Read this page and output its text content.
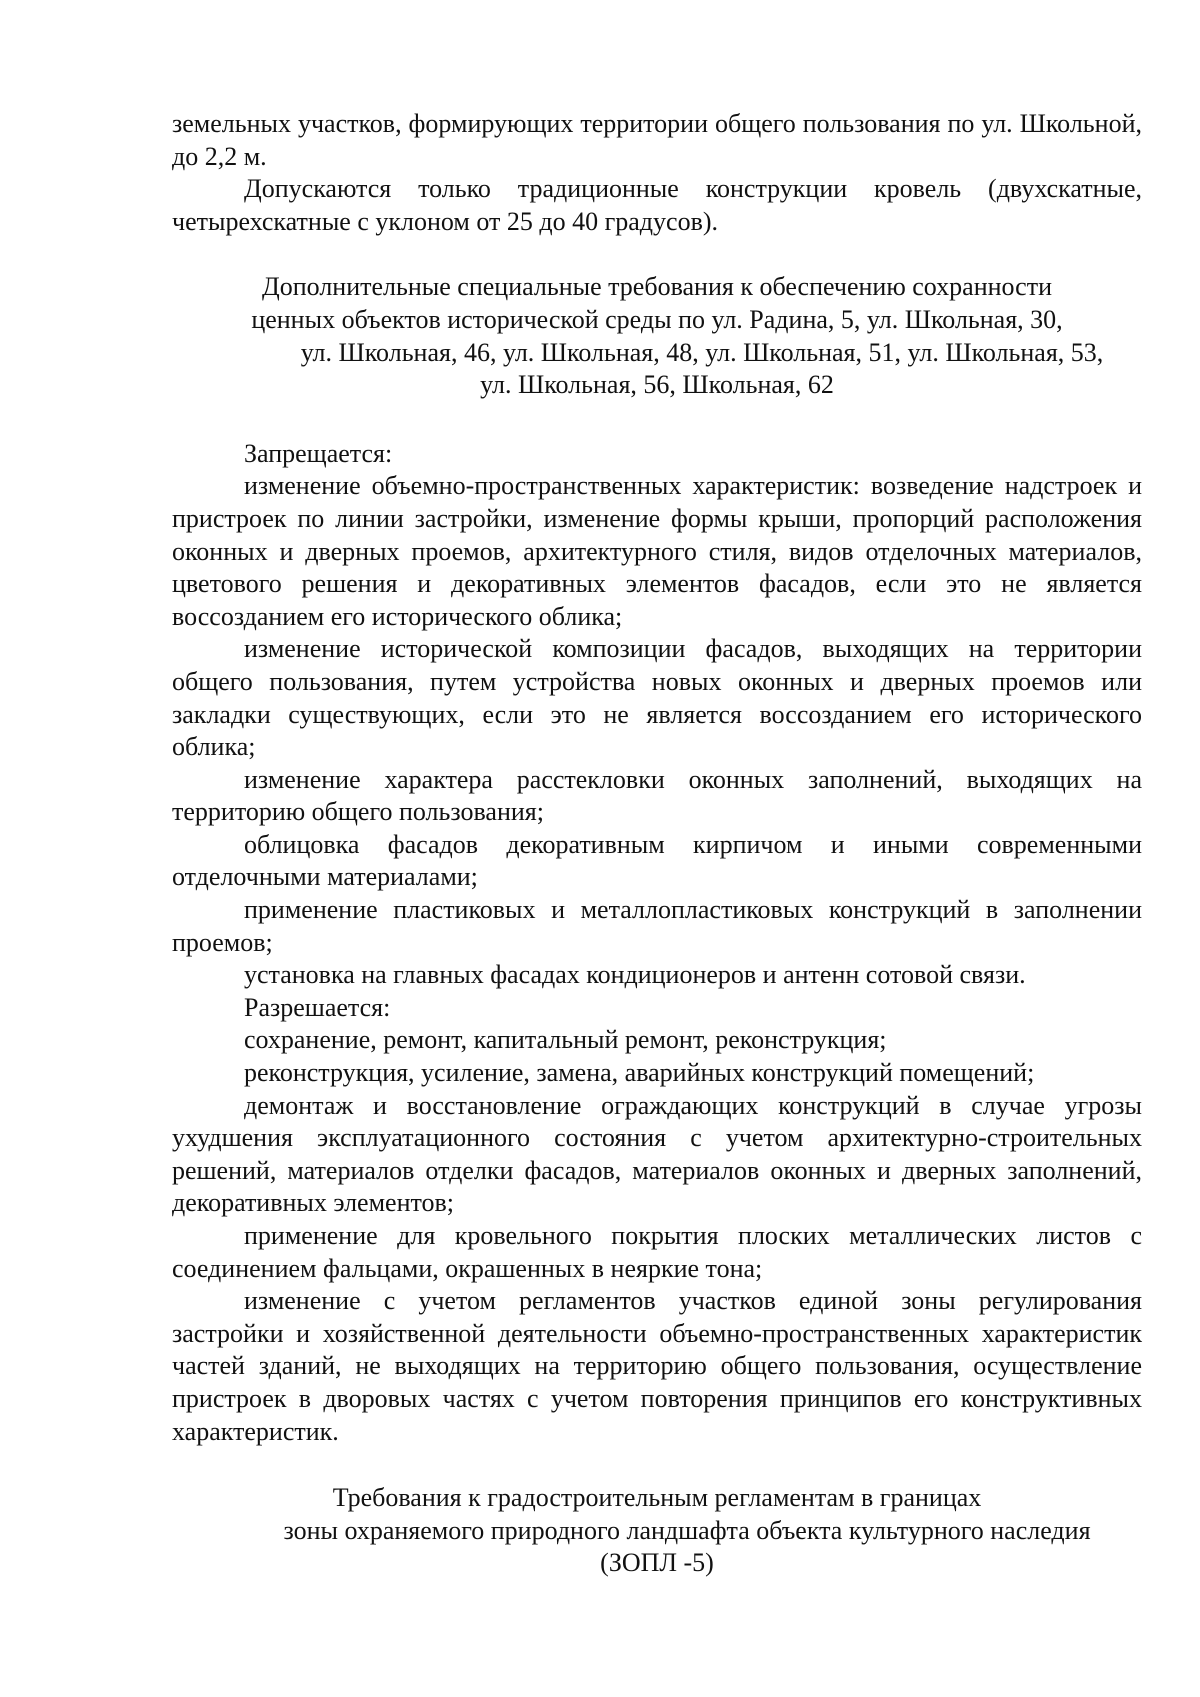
земельных участков, формирующих территории общего пользования по ул. Школьной, до 2,2 м.

Допускаются только традиционные конструкции кровель (двухскатные, четырехскатные с уклоном от 25 до 40 градусов).

Дополнительные специальные требования к обеспечению сохранности
ценных объектов исторической среды по ул. Радина, 5, ул. Школьная, 30,
ул. Школьная, 46, ул. Школьная, 48, ул. Школьная, 51, ул. Школьная, 53,
ул. Школьная, 56, Школьная, 62

Запрещается:

изменение объемно-пространственных характеристик: возведение надстроек и пристроек по линии застройки, изменение формы крыши, пропорций расположения оконных и дверных проемов, архитектурного стиля, видов отделочных материалов, цветового решения и декоративных элементов фасадов, если это не является воссозданием его исторического облика;

изменение исторической композиции фасадов, выходящих на территории общего пользования, путем устройства новых оконных и дверных проемов или закладки существующих, если это не является воссозданием его исторического облика;

изменение характера расстекловки оконных заполнений, выходящих на территорию общего пользования;

облицовка фасадов декоративным кирпичом и иными современными отделочными материалами;

применение пластиковых и металлопластиковых конструкций в заполнении проемов;

установка на главных фасадах кондиционеров и антенн сотовой связи.

Разрешается:

сохранение, ремонт, капитальный ремонт, реконструкция;

реконструкция, усиление, замена, аварийных конструкций помещений;

демонтаж и восстановление ограждающих конструкций в случае угрозы ухудшения эксплуатационного состояния с учетом архитектурно-строительных решений, материалов отделки фасадов, материалов оконных и дверных заполнений, декоративных элементов;

применение для кровельного покрытия плоских металлических листов с соединением фальцами, окрашенных в неяркие тона;

изменение с учетом регламентов участков единой зоны регулирования застройки и хозяйственной деятельности объемно-пространственных характеристик частей зданий, не выходящих на территорию общего пользования, осуществление пристроек в дворовых частях с учетом повторения принципов его конструктивных характеристик.

Требования к градостроительным регламентам в границах
зоны охраняемого природного ландшафта объекта культурного наследия
(ЗОПЛ -5)
